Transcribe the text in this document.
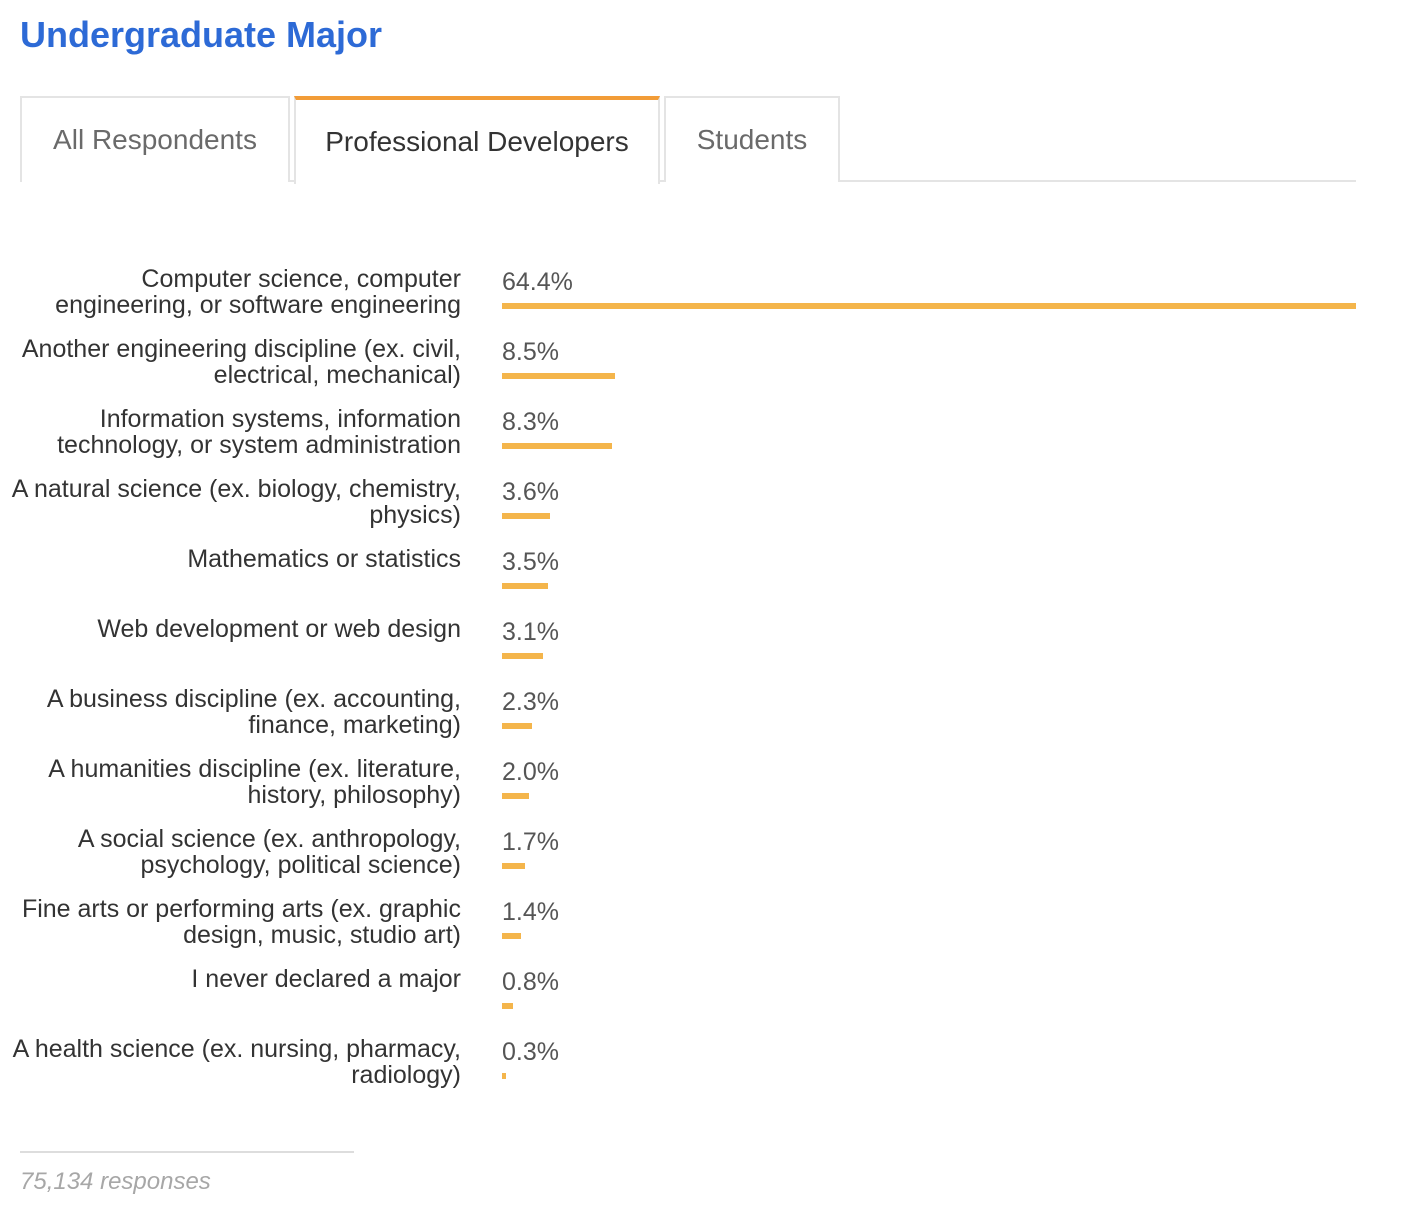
Undergraduate Major
All Respondents	Professional Developers	Students
Computer science, computer engineering, or software engineering
64.4%
Another engineering discipline (ex. civil, electrical, mechanical)
8.5%
Information systems, information technology, or system administration
8.3%
A natural science (ex. biology, chemistry, physics)
3.6%
Mathematics or statistics 3.5%
Web development or web design 3.1%
A business discipline (ex. accounting, finance, marketing)
2.3%
A humanities discipline (ex. literature, history, philosophy)
2.0%
A social science (ex. anthropology, psychology, political science)
1.7%
Fine arts or performing arts (ex. graphic design, music, studio art)
1.4%
I never declared a major 0.8%
A health science (ex. nursing, pharmacy, radiology)
0.3%
75,134 responses
